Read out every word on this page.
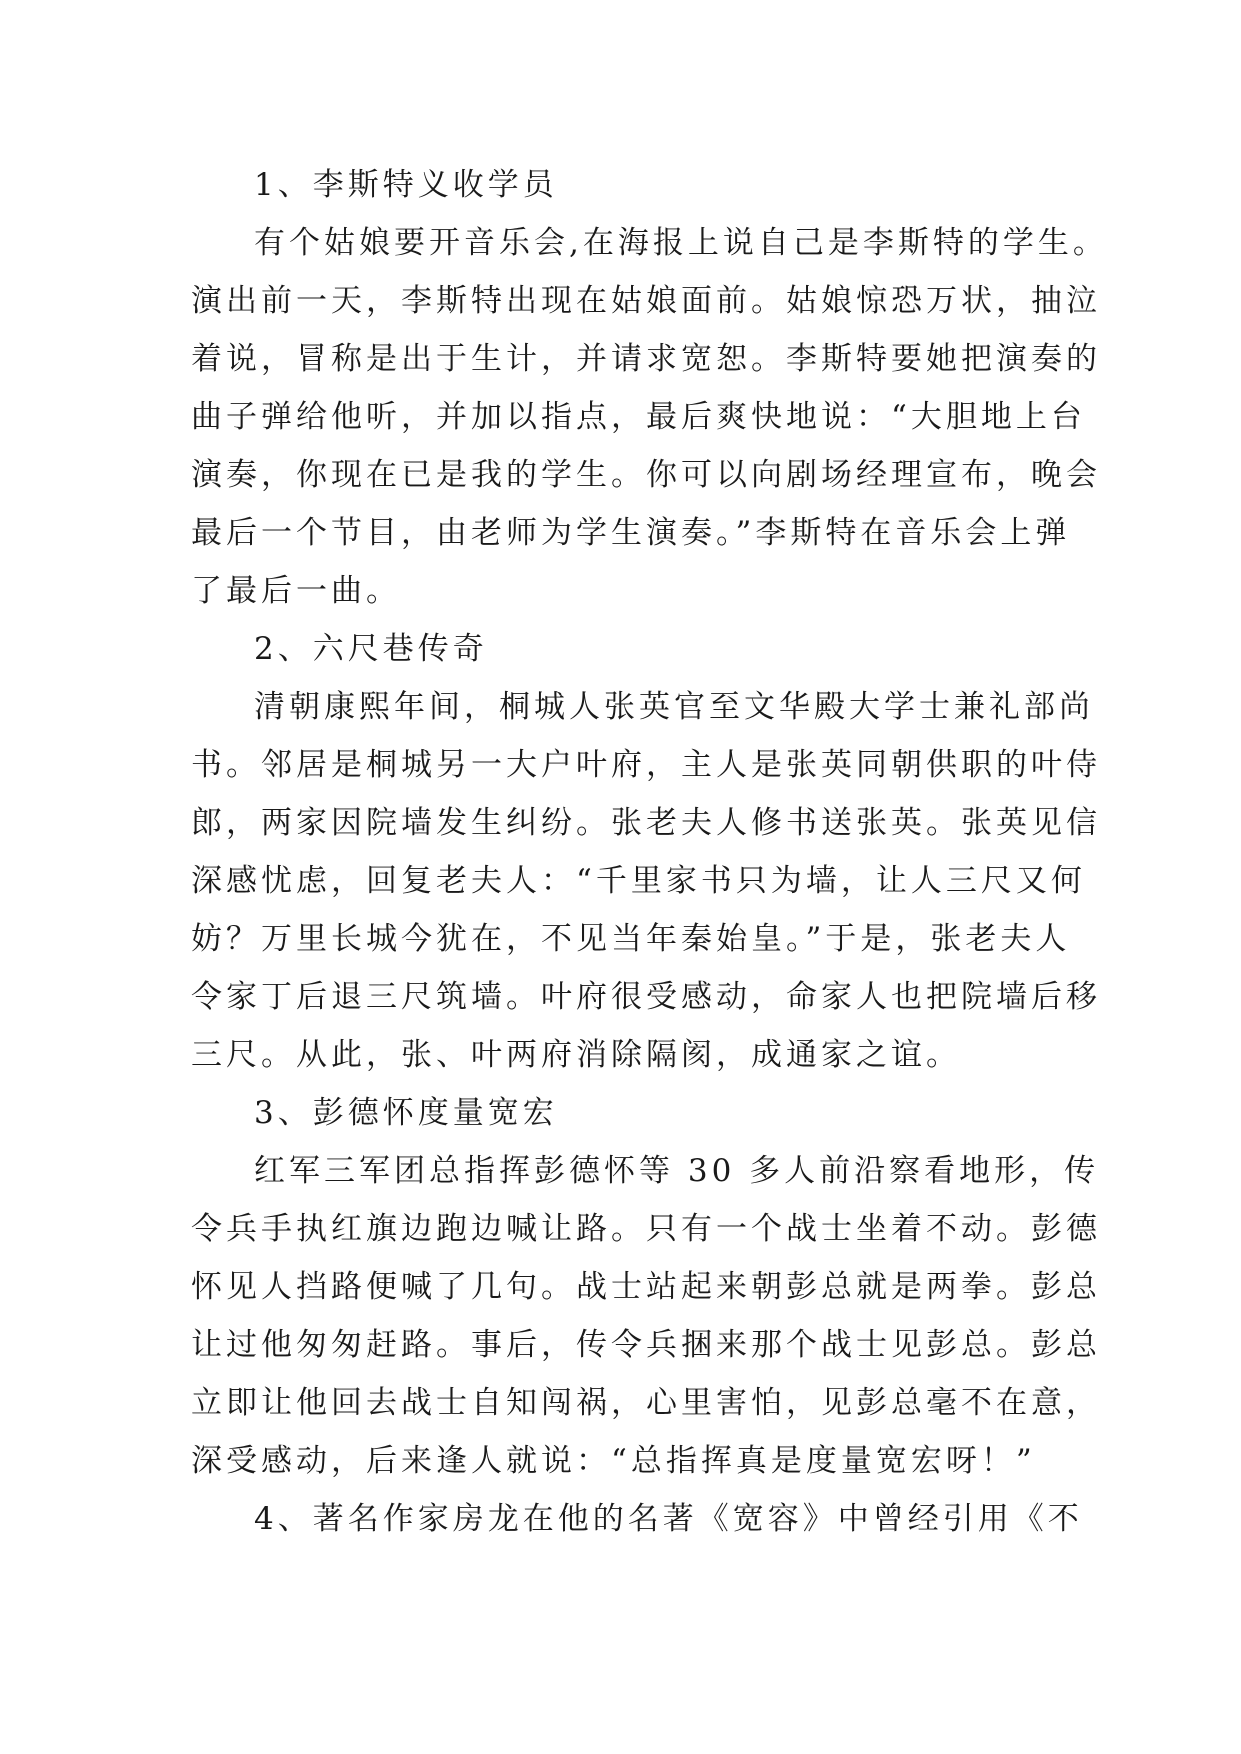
1、李斯特义收学员
有个姑娘要开音乐会,在海报上说自己是李斯特的学生。
演出前一天，李斯特出现在姑娘面前。姑娘惊恐万状，抽泣
着说，冒称是出于生计，并请求宽恕。李斯特要她把演奏的
曲子弹给他听，并加以指点，最后爽快地说：“大胆地上台
演奏，你现在已是我的学生。你可以向剧场经理宣布，晚会
最后一个节目，由老师为学生演奏。”李斯特在音乐会上弹
了最后一曲。
2、六尺巷传奇
清朝康熙年间，桐城人张英官至文华殿大学士兼礼部尚
书。邻居是桐城另一大户叶府，主人是张英同朝供职的叶侍
郎，两家因院墙发生纠纷。张老夫人修书送张英。张英见信
深感忧虑，回复老夫人：“千里家书只为墙，让人三尺又何
妨？万里长城今犹在，不见当年秦始皇。”于是，张老夫人
令家丁后退三尺筑墙。叶府很受感动，命家人也把院墙后移
三尺。从此，张、叶两府消除隔阂，成通家之谊。
3、彭德怀度量宽宏
红军三军团总指挥彭德怀等 30 多人前沿察看地形，传
令兵手执红旗边跑边喊让路。只有一个战士坐着不动。彭德
怀见人挡路便喊了几句。战士站起来朝彭总就是两拳。彭总
让过他匆匆赶路。事后，传令兵捆来那个战士见彭总。彭总
立即让他回去战士自知闯祸，心里害怕，见彭总毫不在意，
深受感动，后来逢人就说：“总指挥真是度量宽宏呀！”
4、著名作家房龙在他的名著《宽容》中曾经引用《不
